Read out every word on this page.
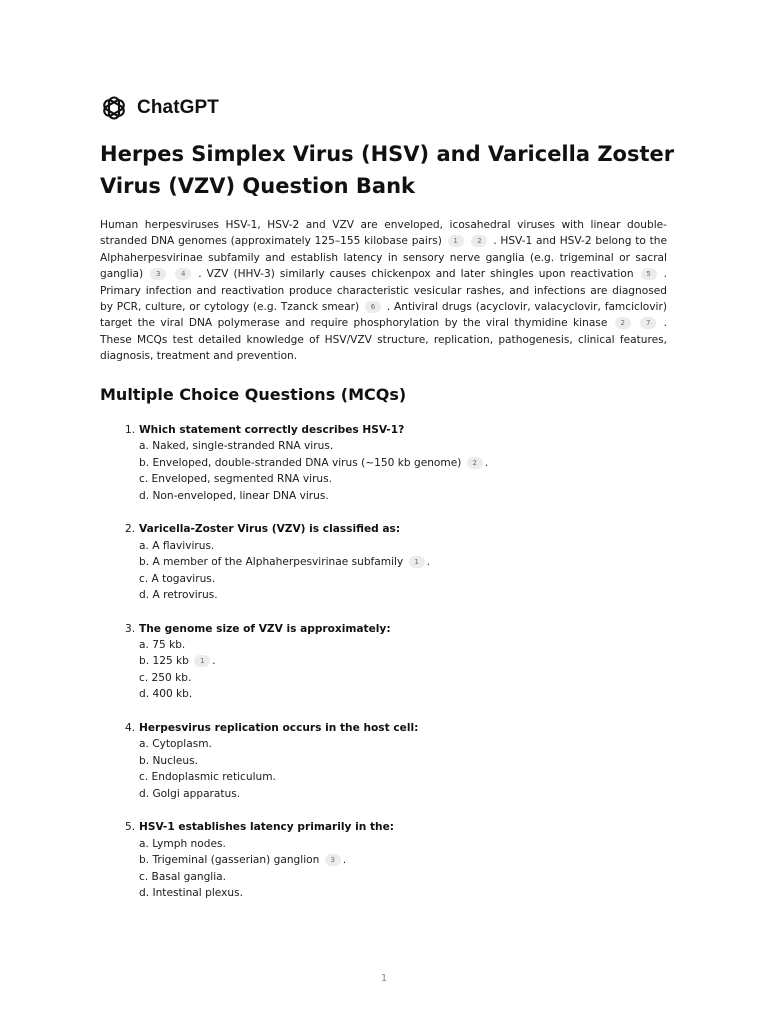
ChatGPT
Herpes Simplex Virus (HSV) and Varicella Zoster Virus (VZV) Question Bank

Human herpesviruses HSV-1, HSV-2 and VZV are enveloped, icosahedral viruses with linear double-stranded DNA genomes (approximately 125–155 kilobase pairs) 1	2 . HSV-1 and HSV-2 belong to the Alphaherpesvirinae subfamily and establish latency in sensory nerve ganglia (e.g. trigeminal or sacral ganglia) 3	4 . VZV (HHV-3) similarly causes chickenpox and later shingles upon reactivation 5 . Primary infection and reactivation produce characteristic vesicular rashes, and infections are diagnosed by PCR, culture, or cytology (e.g. Tzanck smear) 6 . Antiviral drugs (acyclovir, valacyclovir, famciclovir) target the viral DNA polymerase and require phosphorylation by the viral thymidine kinase 2	7 . These MCQs test detailed knowledge of HSV/VZV structure, replication, pathogenesis, clinical features, diagnosis, treatment and prevention.

Multiple Choice Questions (MCQs)
1. Which statement correctly describes HSV-1?
a. Naked, single-stranded RNA virus.
b. Enveloped, double-stranded DNA virus (~150 kb genome) 2 .
c. Enveloped, segmented RNA virus.
d. Non-enveloped, linear DNA virus.
2. Varicella-Zoster Virus (VZV) is classified as:
a. A flavivirus.
b. A member of the Alphaherpesvirinae subfamily 1 .
c. A togavirus.
d. A retrovirus.
3. The genome size of VZV is approximately:
a. 75 kb.
b. 125 kb 1 .
c. 250 kb.
d. 400 kb.
4. Herpesvirus replication occurs in the host cell:
a. Cytoplasm.
b. Nucleus.
c. Endoplasmic reticulum.
d. Golgi apparatus.
5. HSV-1 establishes latency primarily in the:
a. Lymph nodes.
b. Trigeminal (gasserian) ganglion 3 .
c. Basal ganglia.
d. Intestinal plexus.
1
